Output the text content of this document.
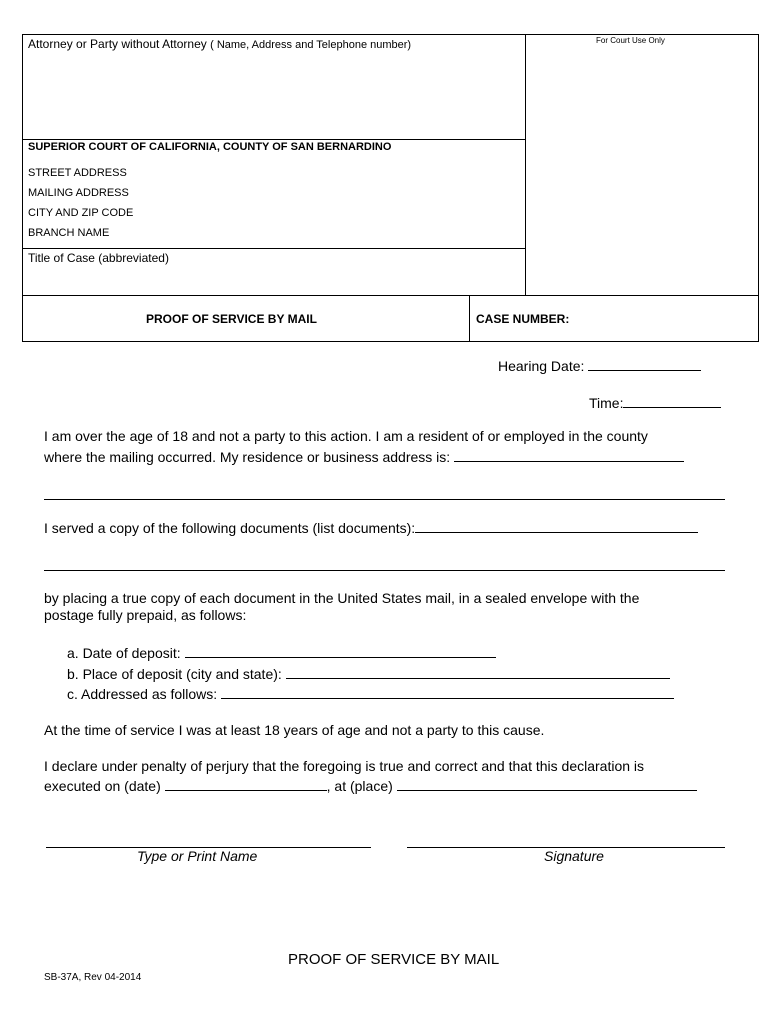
Attorney or Party without Attorney ( Name, Address and Telephone number)	For Court Use Only
SUPERIOR COURT OF CALIFORNIA, COUNTY OF SAN BERNARDINO
STREET ADDRESS
MAILING ADDRESS
CITY AND ZIP CODE
BRANCH NAME
Title of Case (abbreviated)
PROOF OF SERVICE BY MAIL	CASE NUMBER:
Hearing Date:
Time:
I am over the age of 18 and not a party to this action. I am a resident of or employed in the county
where the mailing occurred. My residence or business address is:
I served a copy of the following documents (list documents):
by placing a true copy of each document in the United States mail, in a sealed envelope with the
postage fully prepaid, as follows:
a. Date of deposit:
b. Place of deposit (city and state):
c. Addressed as follows:
At the time of service I was at least 18 years of age and not a party to this cause.
I declare under penalty of perjury that the foregoing is true and correct and that this declaration is
executed on (date)	, at (place)
Type or Print Name	Signature
PROOF OF SERVICE BY MAIL
SB-37A, Rev 04-2014
